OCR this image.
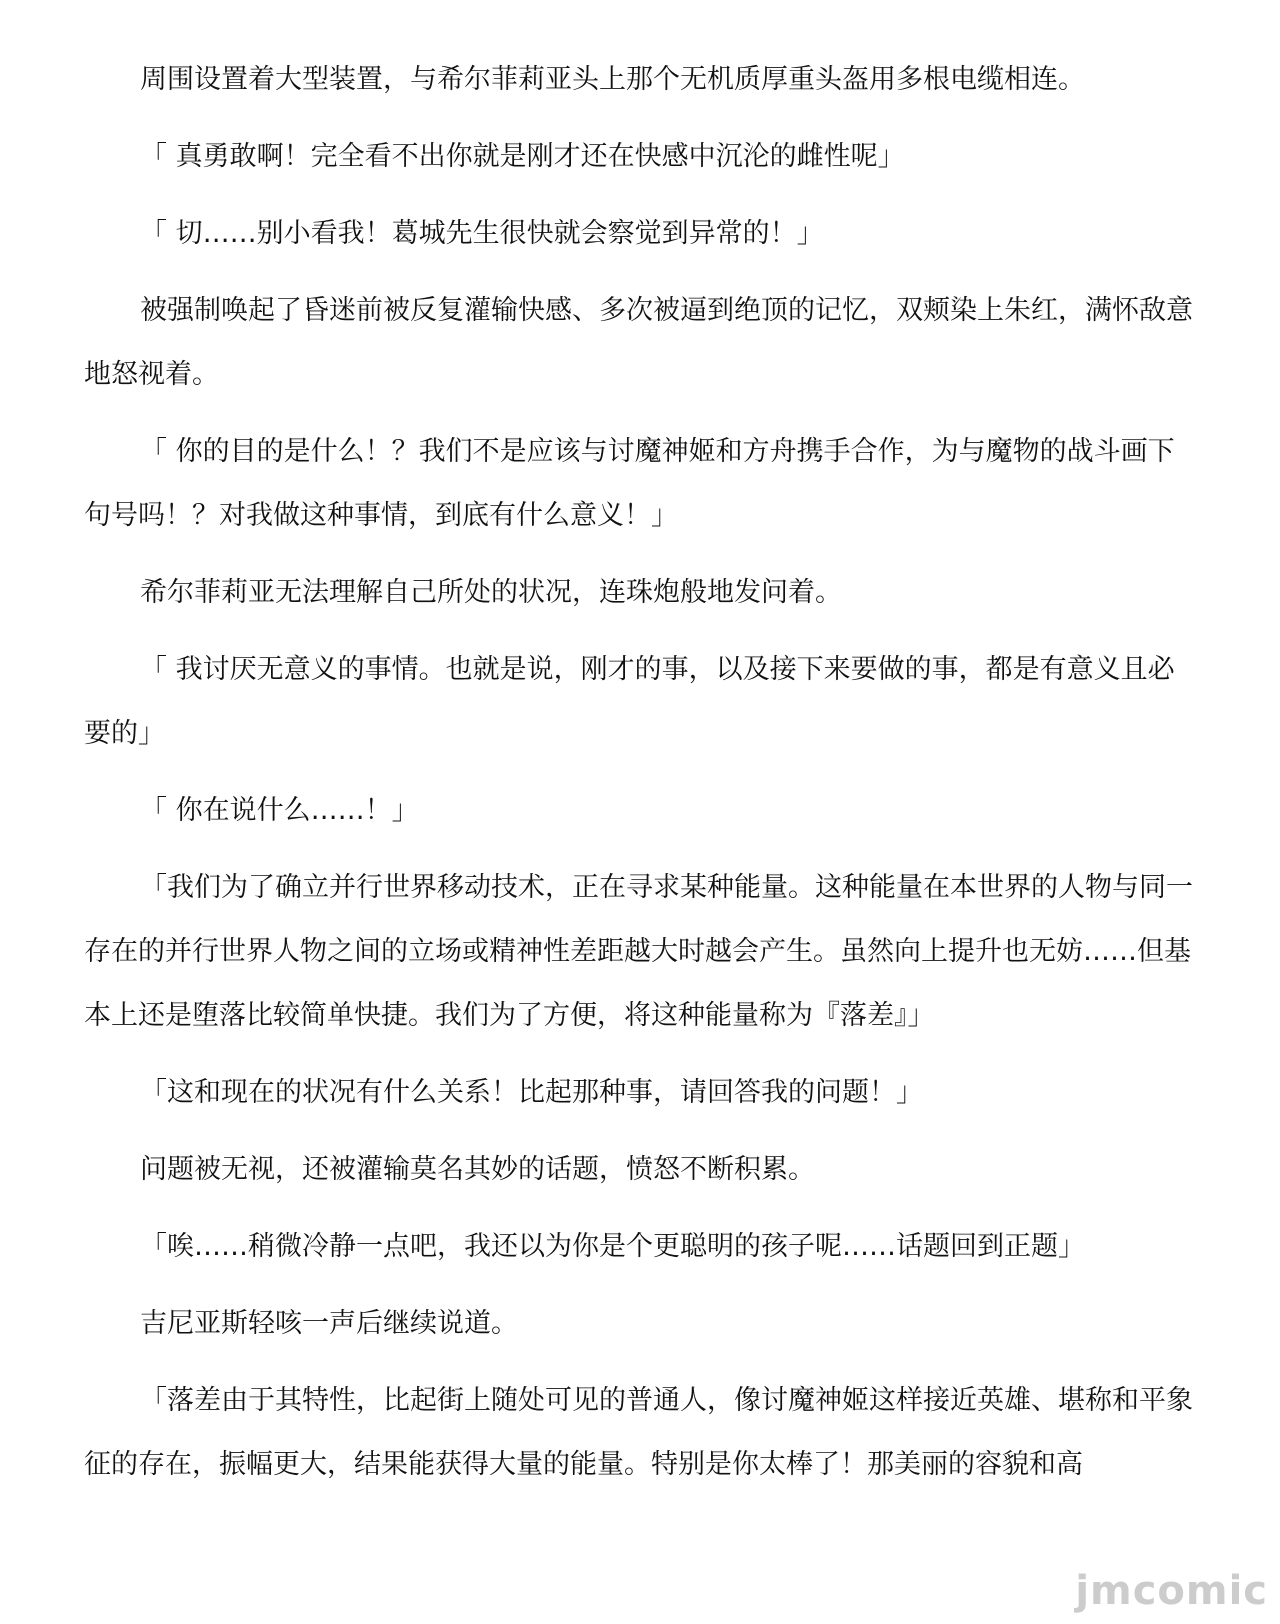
周围设置着大型装置，与希尔菲莉亚头上那个无机质厚重头盔用多根电缆相连。

「 真勇敢啊！完全看不出你就是刚才还在快感中沉沦的雌性呢」

「 切……别小看我！葛城先生很快就会察觉到异常的！」

被强制唤起了昏迷前被反复灌输快感、多次被逼到绝顶的记忆，双颊染上朱红，满怀敌意地怒视着。

「 你的目的是什么！？我们不是应该与讨魔神姬和方舟携手合作，为与魔物的战斗画下句号吗！？对我做这种事情，到底有什么意义！」

希尔菲莉亚无法理解自己所处的状况，连珠炮般地发问着。

「 我讨厌无意义的事情。也就是说，刚才的事，以及接下来要做的事，都是有意义且必要的」

「 你在说什么……！」

「我们为了确立并行世界移动技术，正在寻求某种能量。这种能量在本世界的人物与同一存在的并行世界人物之间的立场或精神性差距越大时越会产生。虽然向上提升也无妨……但基本上还是堕落比较简单快捷。我们为了方便，将这种能量称为『落差』」

「这和现在的状况有什么关系！比起那种事，请回答我的问题！」

问题被无视，还被灌输莫名其妙的话题，愤怒不断积累。

「唉……稍微冷静一点吧，我还以为你是个更聪明的孩子呢……话题回到正题」

吉尼亚斯轻咳一声后继续说道。

「落差由于其特性，比起街上随处可见的普通人，像讨魔神姬这样接近英雄、堪称和平象征的存在，振幅更大，结果能获得大量的能量。特别是你太棒了！那美丽的容貌和高

jmcomic
